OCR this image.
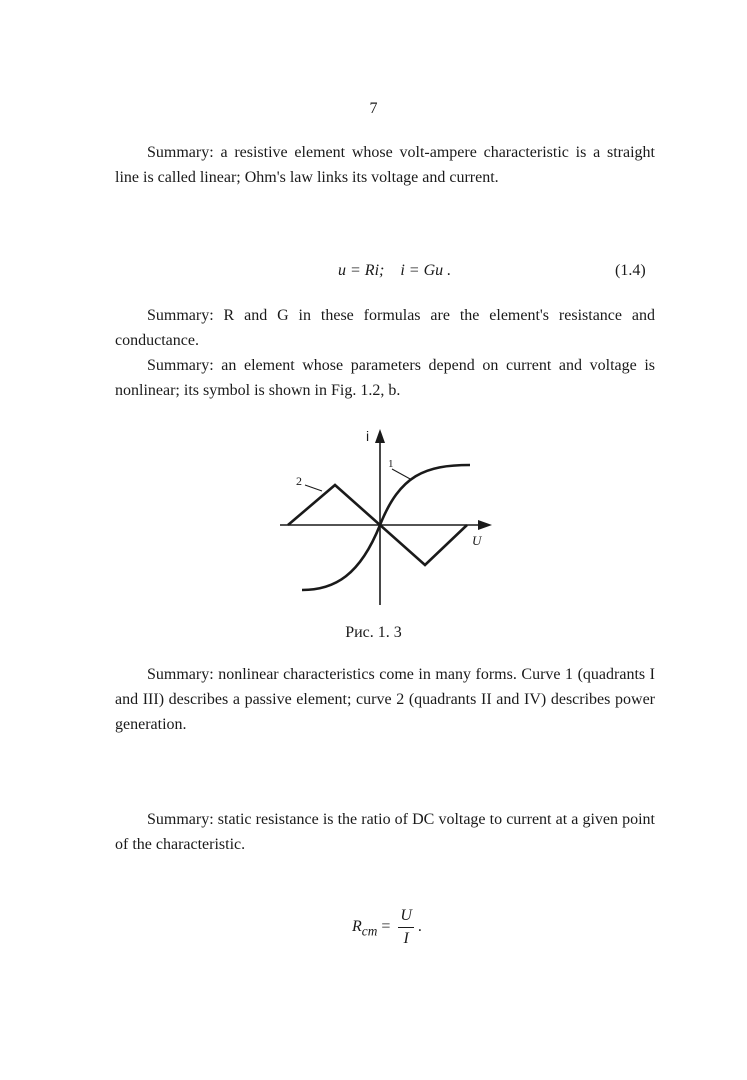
7

Summary: a resistive element whose volt-ampere characteristic is a straight line is called linear; Ohm's law links its voltage and current.

u = Ri; i = Gu .	(1.4)

Summary: R and G in these formulas are the element's resistance and conductance.

Summary: an element whose parameters depend on current and voltage is nonlinear; its symbol is shown in Fig. 1.2, b.

1
2
i
U
Рис. 1. 3

Summary: nonlinear characteristics come in many forms. Curve 1 (quadrants I and III) describes a passive element; curve 2 (quadrants II and IV) describes power generation.

Summary: static resistance is the ratio of DC voltage to current at a given point of the characteristic.

$R_{ст} = \frac{U}{I}$ .
